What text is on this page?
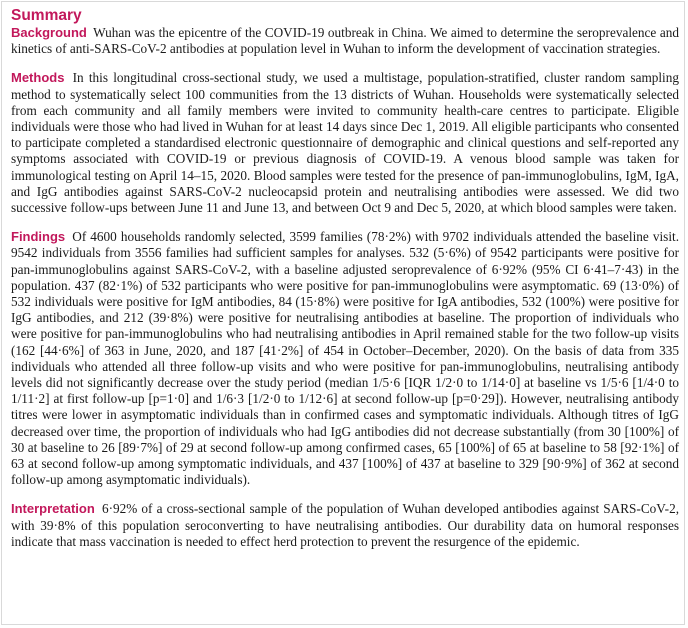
Summary

Background Wuhan was the epicentre of the COVID-19 outbreak in China. We aimed to determine the seroprevalence and kinetics of anti-SARS-CoV-2 antibodies at population level in Wuhan to inform the development of vaccination strategies.

Methods In this longitudinal cross-sectional study, we used a multistage, population-stratified, cluster random sampling method to systematically select 100 communities from the 13 districts of Wuhan. Households were systematically selected from each community and all family members were invited to community health-care centres to participate. Eligible individuals were those who had lived in Wuhan for at least 14 days since Dec 1, 2019. All eligible participants who consented to participate completed a standardised electronic questionnaire of demographic and clinical questions and self-reported any symptoms associated with COVID-19 or previous diagnosis of COVID-19. A venous blood sample was taken for immunological testing on April 14–15, 2020. Blood samples were tested for the presence of pan-immunoglobulins, IgM, IgA, and IgG antibodies against SARS-CoV-2 nucleocapsid protein and neutralising antibodies were assessed. We did two successive follow-ups between June 11 and June 13, and between Oct 9 and Dec 5, 2020, at which blood samples were taken.

Findings Of 4600 households randomly selected, 3599 families (78·2%) with 9702 individuals attended the baseline visit. 9542 individuals from 3556 families had sufficient samples for analyses. 532 (5·6%) of 9542 participants were positive for pan-immunoglobulins against SARS-CoV-2, with a baseline adjusted seroprevalence of 6·92% (95% CI 6·41–7·43) in the population. 437 (82·1%) of 532 participants who were positive for pan-immunoglobulins were asymptomatic. 69 (13·0%) of 532 individuals were positive for IgM antibodies, 84 (15·8%) were positive for IgA antibodies, 532 (100%) were positive for IgG antibodies, and 212 (39·8%) were positive for neutralising antibodies at baseline. The proportion of individuals who were positive for pan-immunoglobulins who had neutralising antibodies in April remained stable for the two follow-up visits (162 [44·6%] of 363 in June, 2020, and 187 [41·2%] of 454 in October–December, 2020). On the basis of data from 335 individuals who attended all three follow-up visits and who were positive for pan-immunoglobulins, neutralising antibody levels did not significantly decrease over the study period (median 1/5·6 [IQR 1/2·0 to 1/14·0] at baseline vs 1/5·6 [1/4·0 to 1/11·2] at first follow-up [p=1·0] and 1/6·3 [1/2·0 to 1/12·6] at second follow-up [p=0·29]). However, neutralising antibody titres were lower in asymptomatic individuals than in confirmed cases and symptomatic individuals. Although titres of IgG decreased over time, the proportion of individuals who had IgG antibodies did not decrease substantially (from 30 [100%] of 30 at baseline to 26 [89·7%] of 29 at second follow-up among confirmed cases, 65 [100%] of 65 at baseline to 58 [92·1%] of 63 at second follow-up among symptomatic individuals, and 437 [100%] of 437 at baseline to 329 [90·9%] of 362 at second follow-up among asymptomatic individuals).

Interpretation 6·92% of a cross-sectional sample of the population of Wuhan developed antibodies against SARS-CoV-2, with 39·8% of this population seroconverting to have neutralising antibodies. Our durability data on humoral responses indicate that mass vaccination is needed to effect herd protection to prevent the resurgence of the epidemic.
